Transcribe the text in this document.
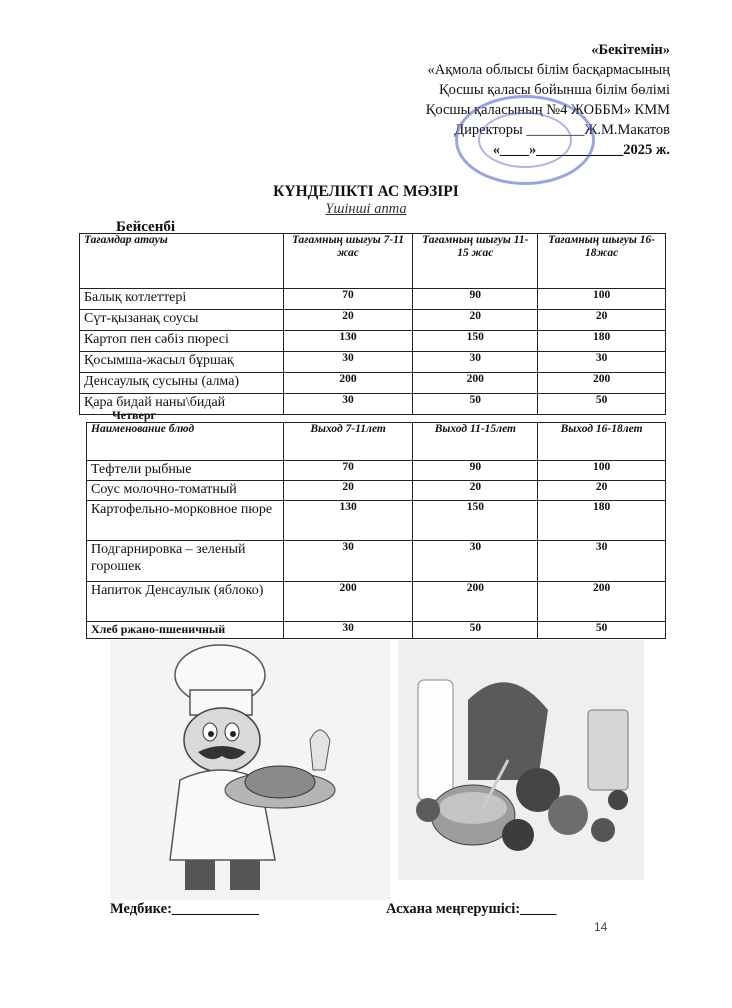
«Бекітемін»
«Ақмола облысы білім басқармасының
Қосшы қаласы бойынша білім бөлімі
Қосшы қаласының №4 ЖОББМ» КММ
Директоры ________Ж.М.Макатов
«____»____________2025 ж.
КҮНДЕЛІКТІ АС МӘЗІРІ
Үшінші апта
Бейсенбі
Тағамдар атауы	Тағамның шығуы 7-11 жас	Тағамның шығуы 11-15 жас	Тағамның шығуы 16-18жас
Балық котлеттері	70	90	100
Сүт-қызанақ соусы	20	20	20
Картоп пен сәбіз пюресі	130	150	180
Қосымша-жасыл бұршақ	30	30	30
Денсаулық сусыны (алма)	200	200	200
Қара бидай наны\бидай	30	50	50
Четверг
Наименование блюд	Выход 7-11лет	Выход 11-15лет	Выход 16-18лет
Тефтели рыбные	70	90	100
Соус молочно-томатный	20	20	20
Картофельно-морковное пюре	130	150	180
Подгарнировка – зеленый горошек	30	30	30
Напиток Денсаулык (яблоко)	200	200	200
Хлеб ржано-пшеничный	30	50	50
Медбике:____________	Асхана меңгерушісі:_____
14
